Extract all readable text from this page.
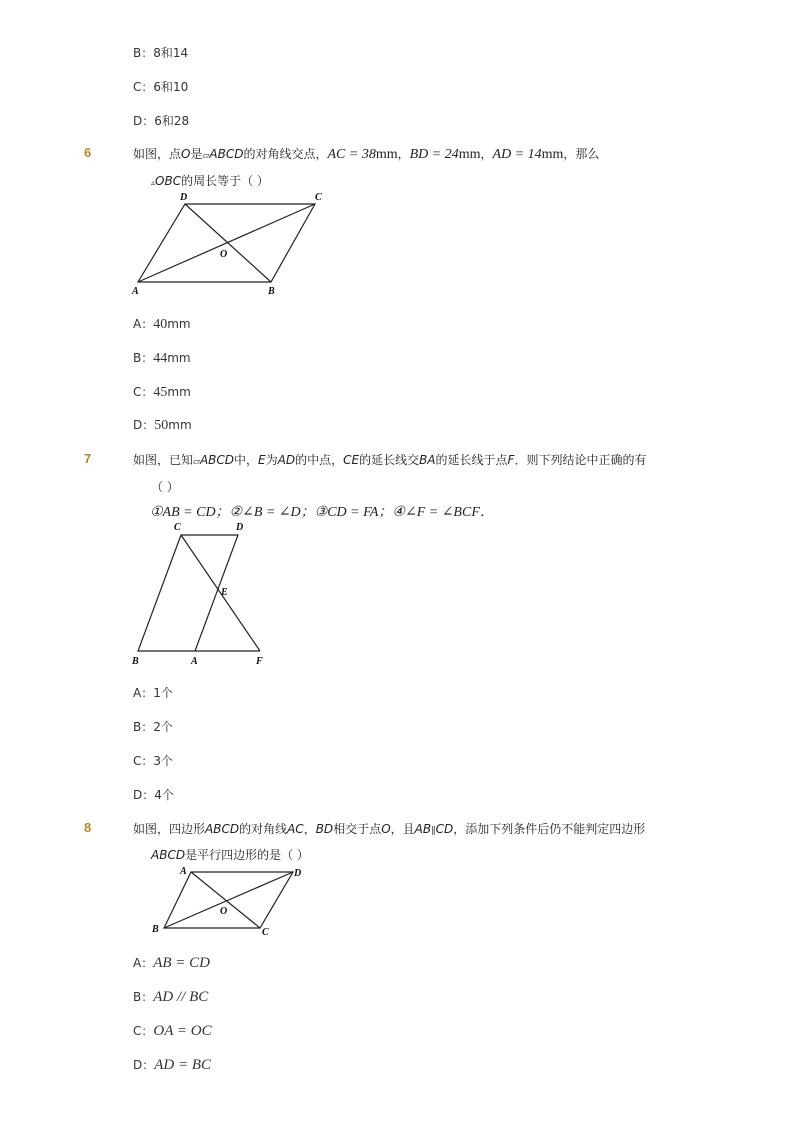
B：8和14
C：6和10
D：6和28
6	如图，点O是▱ABCD的对角线交点，AC = 38mm，BD = 24mm，AD = 14mm，那么
▵OBC的周长等于（ ）
A	B
C
D
O
A：40mm
B：44mm
C：45mm
D：50mm
7	如图，已知▱ABCD中，E为AD的中点，CE的延长线交BA的延长线于点F．则下列结论中正确的有
（ ）
①AB = CD；②∠B = ∠D；③CD = FA；④∠F = ∠BCF．
C	D
E
B	A	F
A：1个
B：2个
C：3个
D：4个
8	如图，四边形ABCD的对角线AC，BD相交于点O，且AB∥CD，添加下列条件后仍不能判定四边形
ABCD是平行四边形的是（ ）
A	D
B	C
O
A：AB = CD
B：AD // BC
C：OA = OC
D：AD = BC
